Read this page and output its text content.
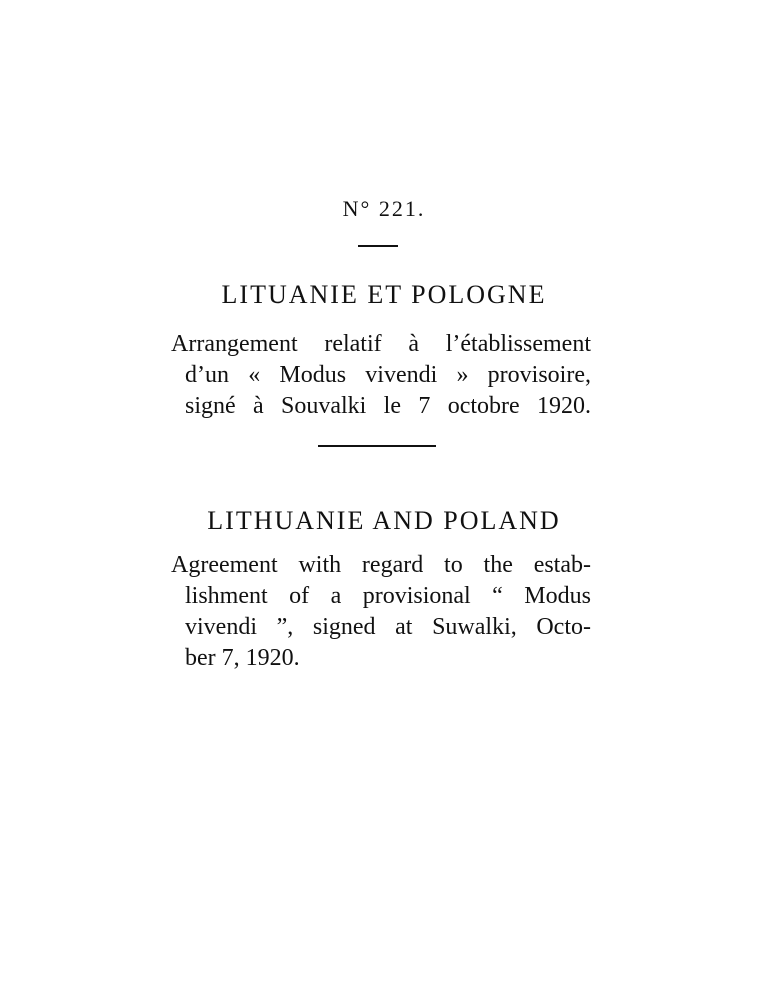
N° 221.
LITUANIE ET POLOGNE
Arrangement relatif à l’établissement
d’un « Modus vivendi » provisoire,
signé à Souvalki le 7 octobre 1920.
LITHUANIE AND POLAND
Agreement with regard to the estab-
lishment of a provisional “ Modus
vivendi ”, signed at Suwalki, Octo-
ber 7, 1920.
